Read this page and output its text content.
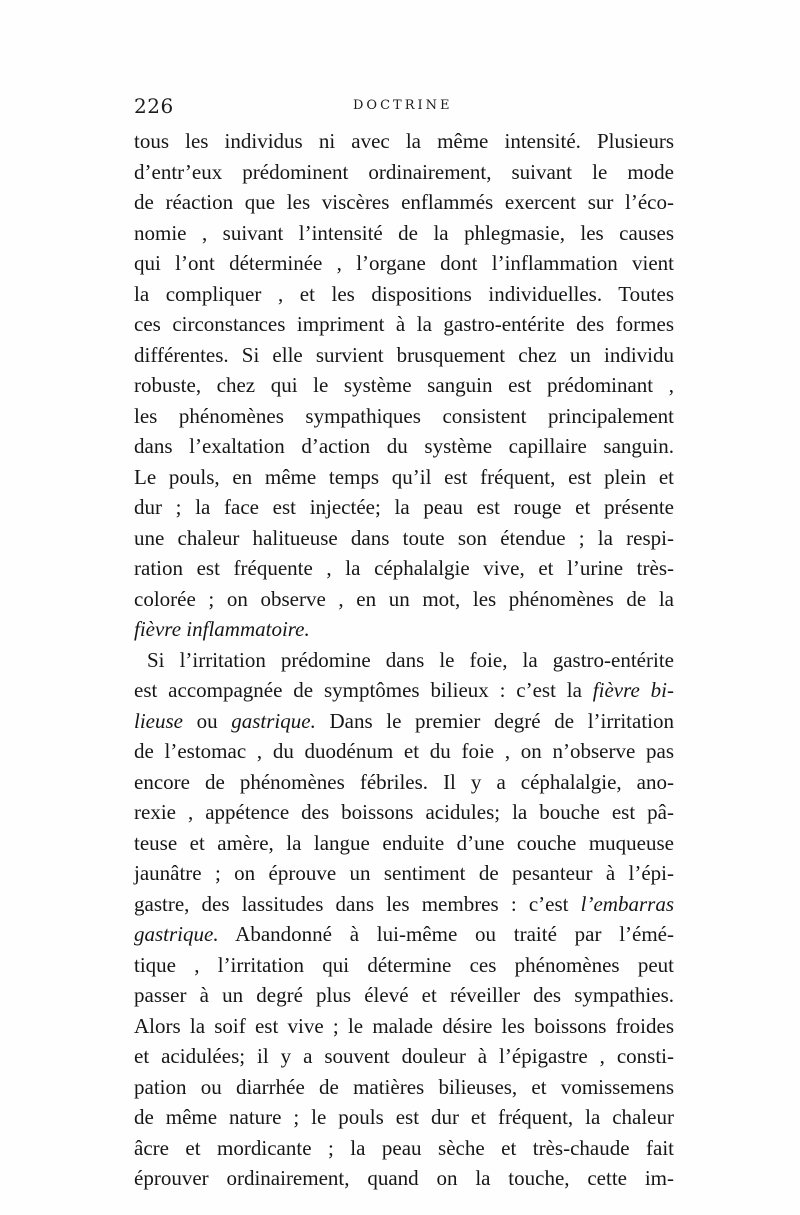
226	DOCTRINE
tous les individus ni avec la même intensité. Plusieurs
d’entr’eux prédominent ordinairement, suivant le mode
de réaction que les viscères enflammés exercent sur l’éco-
nomie , suivant l’intensité de la phlegmasie, les causes
qui l’ont déterminée , l’organe dont l’inflammation vient
la compliquer , et les dispositions individuelles. Toutes
ces circonstances impriment à la gastro-entérite des formes
différentes. Si elle survient brusquement chez un individu
robuste, chez qui le système sanguin est prédominant ,
les phénomènes sympathiques consistent principalement
dans l’exaltation d’action du système capillaire sanguin.
Le pouls, en même temps qu’il est fréquent, est plein et
dur ; la face est injectée; la peau est rouge et présente
une chaleur halitueuse dans toute son étendue ; la respi-
ration est fréquente , la céphalalgie vive, et l’urine très-
colorée ; on observe , en un mot, les phénomènes de la
fièvre inflammatoire.
Si l’irritation prédomine dans le foie, la gastro-entérite
est accompagnée de symptômes bilieux : c’est la fièvre bi-
lieuse ou gastrique. Dans le premier degré de l’irritation
de l’estomac , du duodénum et du foie , on n’observe pas
encore de phénomènes fébriles. Il y a céphalalgie, ano-
rexie , appétence des boissons acidules; la bouche est pâ-
teuse et amère, la langue enduite d’une couche muqueuse
jaunâtre ; on éprouve un sentiment de pesanteur à l’épi-
gastre, des lassitudes dans les membres : c’est l’embarras
gastrique. Abandonné à lui-même ou traité par l’émé-
tique , l’irritation qui détermine ces phénomènes peut
passer à un degré plus élevé et réveiller des sympathies.
Alors la soif est vive ; le malade désire les boissons froides
et acidulées; il y a souvent douleur à l’épigastre , consti-
pation ou diarrhée de matières bilieuses, et vomissemens
de même nature ; le pouls est dur et fréquent, la chaleur
âcre et mordicante ; la peau sèche et très-chaude fait
éprouver ordinairement, quand on la touche, cette im-
